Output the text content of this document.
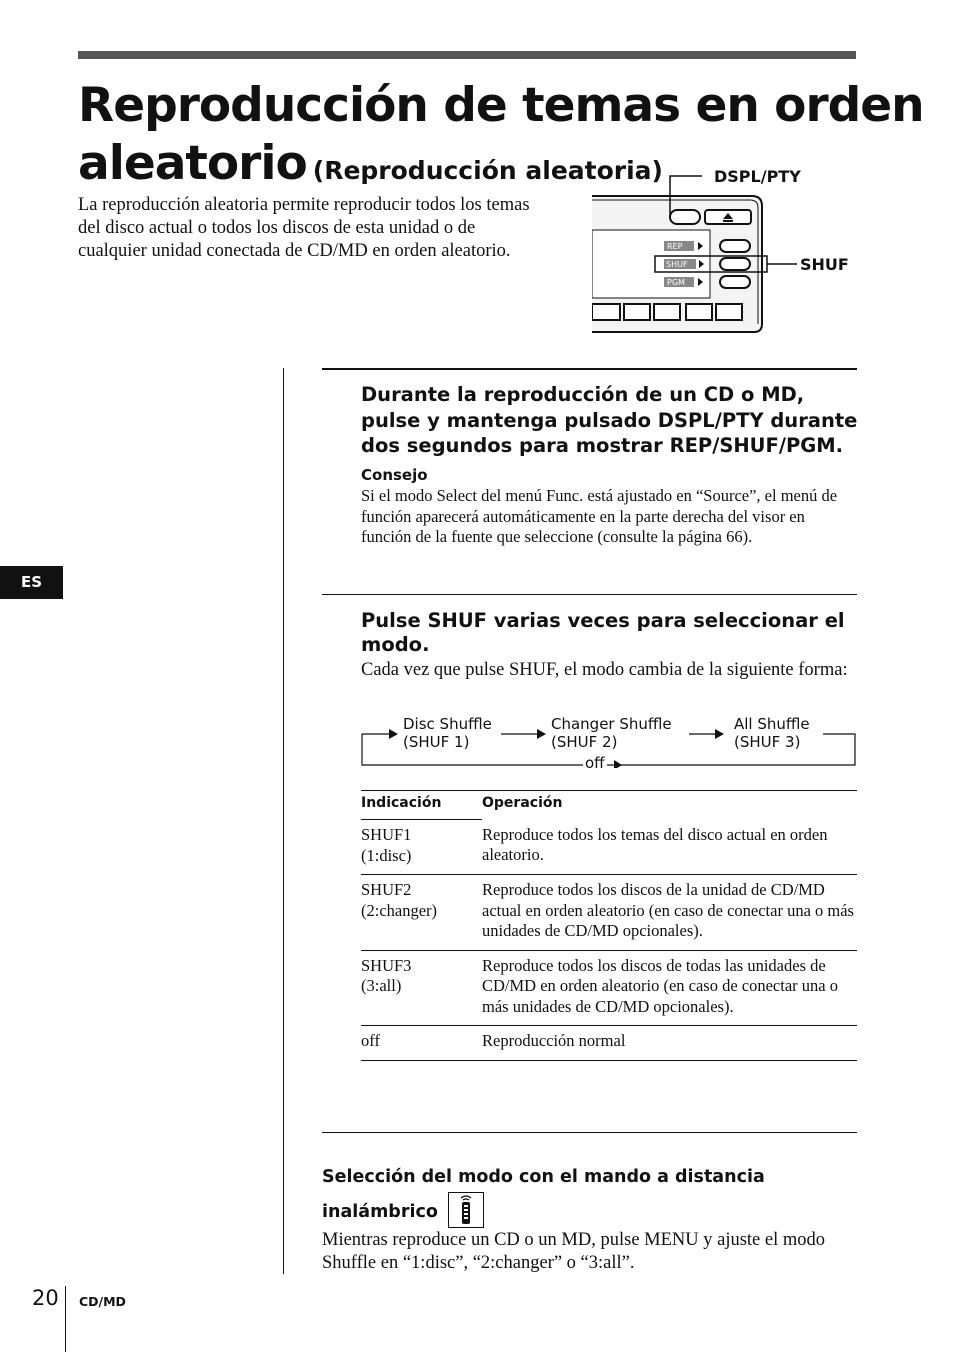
Reproducción de temas en orden
aleatorio (Reproducción aleatoria)
La reproducción aleatoria permite reproducir todos los temas del disco actual o todos los discos de esta unidad o de cualquier unidad conectada de CD/MD en orden aleatorio.	REP
SHUF
PGM
DSPL/PTY
SHUF
ES
Durante la reproducción de un CD o MD, pulse y mantenga pulsado DSPL/PTY durante dos segundos para mostrar REP/SHUF/PGM.
Consejo
Si el modo Select del menú Func. está ajustado en “Source”, el menú de función aparecerá automáticamente en la parte derecha del visor en función de la fuente que seleccione (consulte la página 66).
Pulse SHUF varias veces para seleccionar el modo.
Cada vez que pulse SHUF, el modo cambia de la siguiente forma:
Disc Shuffle
(SHUF 1)
Changer Shuffle
(SHUF 2)
All Shuffle
(SHUF 3)
off
Indicación	Operación

SHUF1
(1:disc)	Reproduce todos los temas del disco actual en orden aleatorio.

SHUF2
(2:changer)	Reproduce todos los discos de la unidad de CD/MD actual en orden aleatorio (en caso de conectar una o más unidades de CD/MD opcionales).

SHUF3
(3:all)	Reproduce todos los discos de todas las unidades de CD/MD en orden aleatorio (en caso de conectar una o más unidades de CD/MD opcionales).

off	Reproducción normal
Selección del modo con el mando a distancia
inalámbrico
Mientras reproduce un CD o un MD, pulse MENU y ajuste el modo Shuffle en “1:disc”, “2:changer” o “3:all”.
20 CD/MD
